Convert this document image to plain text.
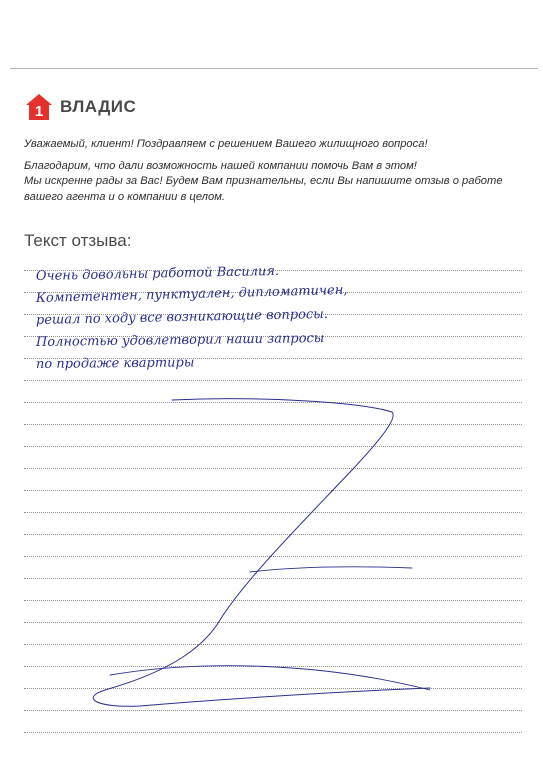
1 ВЛАДИС

Уважаемый, клиент! Поздравляем с решением Вашего жилищного вопроса!

Благодарим, что дали возможность нашей компании помочь Вам в этом!

Мы искренне рады за Вас! Будем Вам признательны, если Вы напишите отзыв о работе

вашего агента и о компании в целом.

Текст отзыва:
Очень довольны работой Василия.
Компетентен, пунктуален, дипломатичен,
решал по ходу все возникающие вопросы.
Полностью удовлетворил наши запросы
по продаже квартиры
